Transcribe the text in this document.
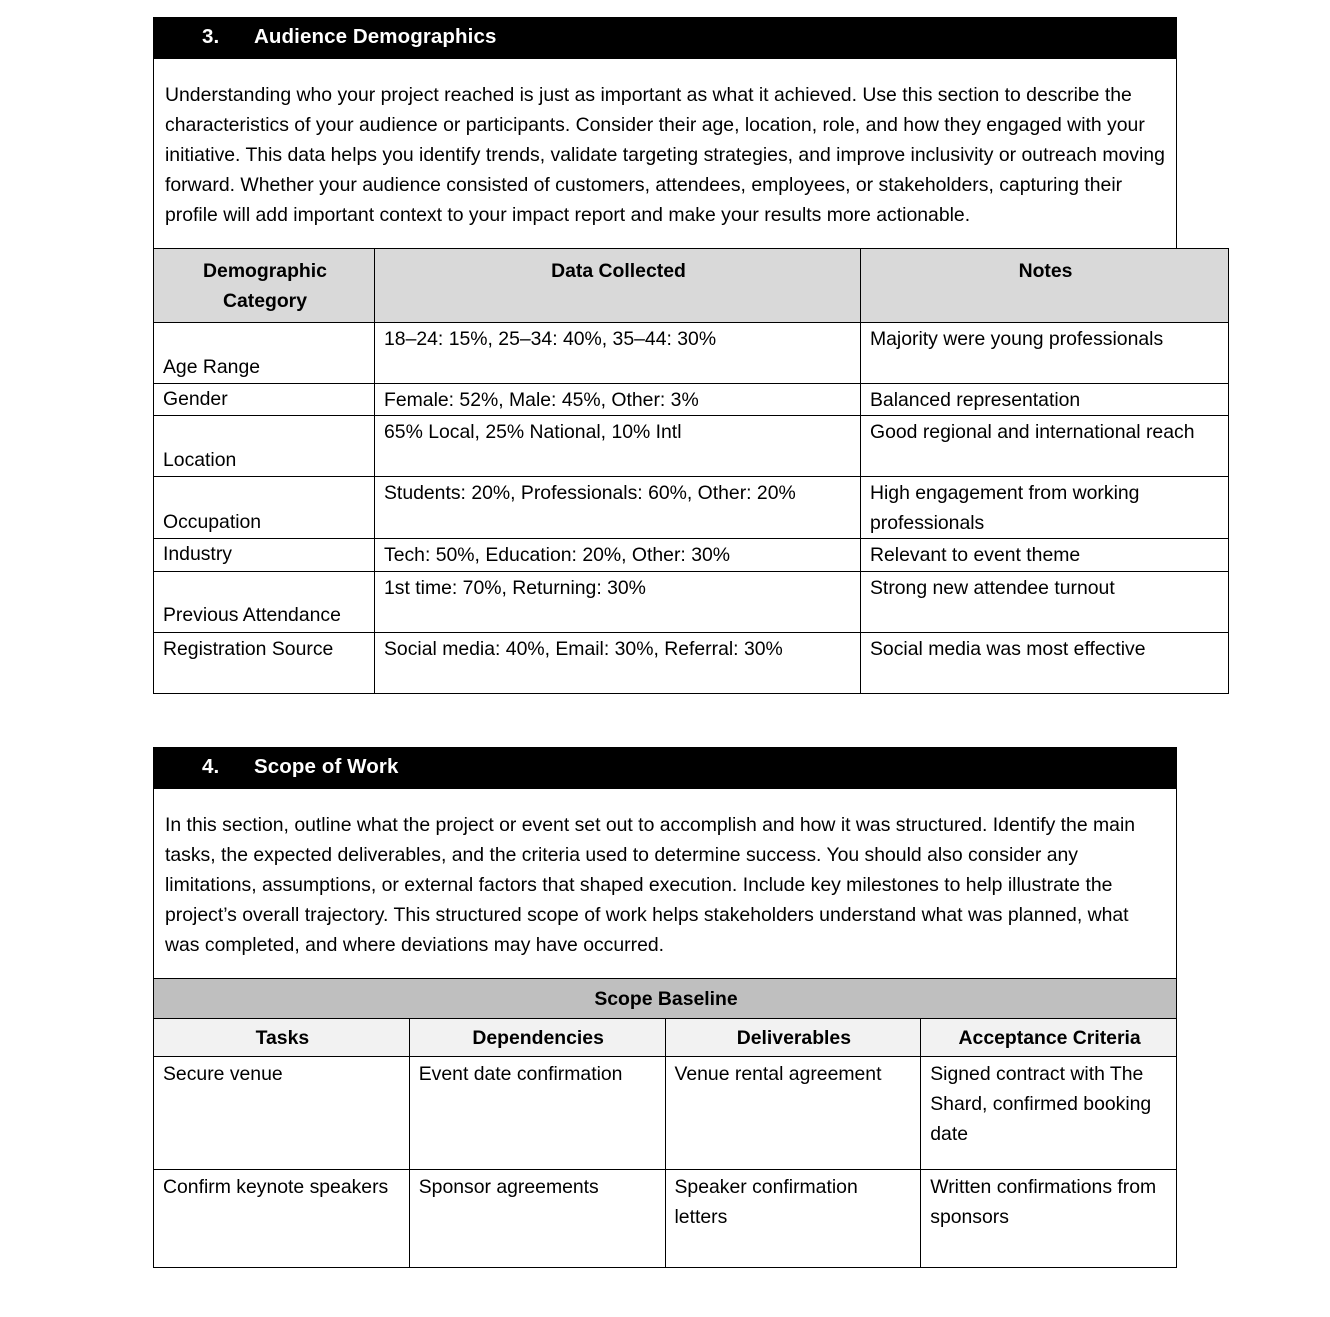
3. Audience Demographics

Understanding who your project reached is just as important as what it achieved. Use this section to describe the characteristics of your audience or participants. Consider their age, location, role, and how they engaged with your initiative. This data helps you identify trends, validate targeting strategies, and improve inclusivity or outreach moving forward. Whether your audience consisted of customers, attendees, employees, or stakeholders, capturing their profile will add important context to your impact report and make your results more actionable.

Demographic Category	Data Collected	Notes
Age Range	18–24: 15%, 25–34: 40%, 35–44: 30%	Majority were young professionals
Gender	Female: 52%, Male: 45%, Other: 3%	Balanced representation
Location	65% Local, 25% National, 10% Intl	Good regional and international reach
Occupation	Students: 20%, Professionals: 60%, Other: 20%	High engagement from working professionals
Industry	Tech: 50%, Education: 20%, Other: 30%	Relevant to event theme
Previous Attendance	1st time: 70%, Returning: 30%	Strong new attendee turnout
Registration Source	Social media: 40%, Email: 30%, Referral: 30%	Social media was most effective
4. Scope of Work

In this section, outline what the project or event set out to accomplish and how it was structured. Identify the main tasks, the expected deliverables, and the criteria used to determine success. You should also consider any limitations, assumptions, or external factors that shaped execution. Include key milestones to help illustrate the project’s overall trajectory. This structured scope of work helps stakeholders understand what was planned, what was completed, and where deviations may have occurred.

Scope Baseline			
Tasks	Dependencies	Deliverables	Acceptance Criteria
Secure venue	Event date confirmation	Venue rental agreement	Signed contract with The Shard, confirmed booking date
Confirm keynote speakers	Sponsor agreements	Speaker confirmation letters	Written confirmations from sponsors
